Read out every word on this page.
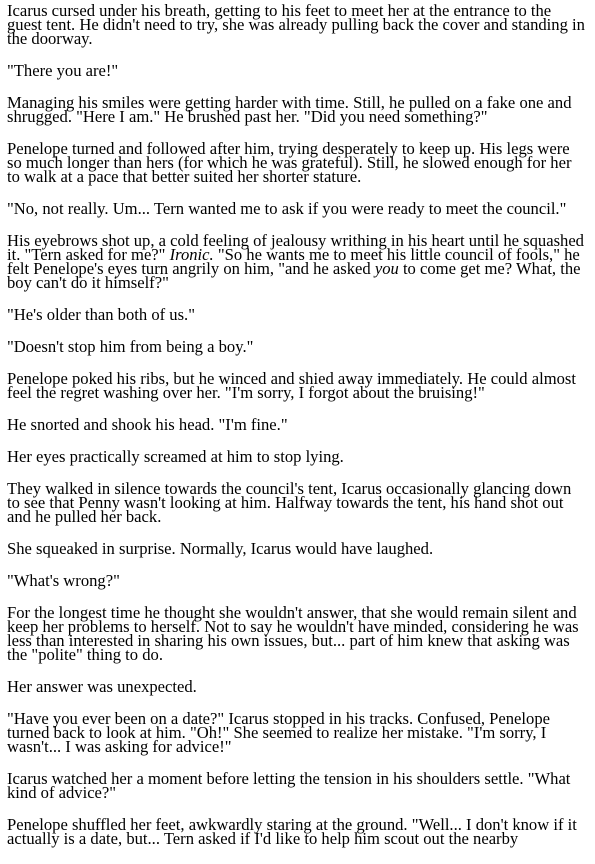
Icarus cursed under his breath, getting to his feet to meet her at the entrance to the guest tent. He didn't need to try, she was already pulling back the cover and standing in the doorway.

"There you are!"

Managing his smiles were getting harder with time. Still, he pulled on a fake one and shrugged. "Here I am." He brushed past her. "Did you need something?"

Penelope turned and followed after him, trying desperately to keep up. His legs were so much longer than hers (for which he was grateful). Still, he slowed enough for her to walk at a pace that better suited her shorter stature.

"No, not really. Um... Tern wanted me to ask if you were ready to meet the council."

His eyebrows shot up, a cold feeling of jealousy writhing in his heart until he squashed it. "Tern asked for me?" Ironic. "So he wants me to meet his little council of fools," he felt Penelope's eyes turn angrily on him, "and he asked you to come get me? What, the boy can't do it himself?"

"He's older than both of us."

"Doesn't stop him from being a boy."

Penelope poked his ribs, but he winced and shied away immediately. He could almost feel the regret washing over her. "I'm sorry, I forgot about the bruising!"

He snorted and shook his head. "I'm fine."

Her eyes practically screamed at him to stop lying.

They walked in silence towards the council's tent, Icarus occasionally glancing down to see that Penny wasn't looking at him. Halfway towards the tent, his hand shot out and he pulled her back.

She squeaked in surprise. Normally, Icarus would have laughed.

"What's wrong?"

For the longest time he thought she wouldn't answer, that she would remain silent and keep her problems to herself. Not to say he wouldn't have minded, considering he was less than interested in sharing his own issues, but... part of him knew that asking was the "polite" thing to do.

Her answer was unexpected.

"Have you ever been on a date?" Icarus stopped in his tracks. Confused, Penelope turned back to look at him. "Oh!" She seemed to realize her mistake. "I'm sorry, I wasn't... I was asking for advice!"

Icarus watched her a moment before letting the tension in his shoulders settle. "What kind of advice?"

Penelope shuffled her feet, awkwardly staring at the ground. "Well... I don't know if it actually is a date, but... Tern asked if I'd like to help him scout out the nearby
